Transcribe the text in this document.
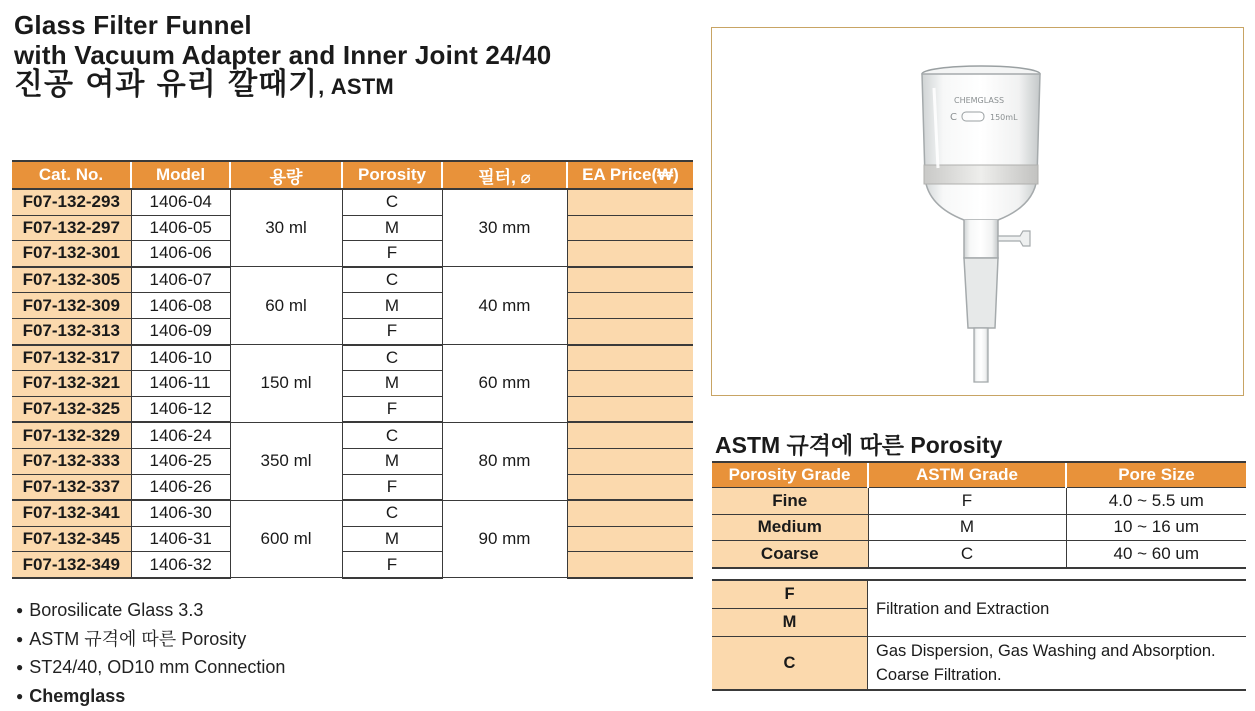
Glass Filter Funnel
with Vacuum Adapter and Inner Joint 24/40
진공 여과 유리 깔때기, ASTM
Cat. No.	Model	용량	Porosity	필터, ⌀	EA Price(₩)
F07-132-293	1406-04	30 ml	C	30 mm	
F07-132-297	1406-05		M		
F07-132-301	1406-06		F		
F07-132-305	1406-07	60 ml	C	40 mm	
F07-132-309	1406-08		M		
F07-132-313	1406-09		F		
F07-132-317	1406-10	150 ml	C	60 mm	
F07-132-321	1406-11		M		
F07-132-325	1406-12		F		
F07-132-329	1406-24	350 ml	C	80 mm	
F07-132-333	1406-25		M		
F07-132-337	1406-26		F		
F07-132-341	1406-30	600 ml	C	90 mm	
F07-132-345	1406-31		M		
F07-132-349	1406-32		F		
● Borosilicate Glass 3.3
● ASTM 규격에 따른 Porosity
● ST24/40, OD10 mm Connection
● Chemglass
CHEMGLASS
C	150mL
ASTM 규격에 따른 Porosity
Porosity Grade	ASTM Grade	Pore Size
Fine	F	4.0 ~ 5.5 um
Medium	M	10 ~ 16 um
Coarse	C	40 ~ 60 um
F	Filtration and Extraction
M	
C	Gas Dispersion, Gas Washing and Absorption.
Coarse Filtration.
